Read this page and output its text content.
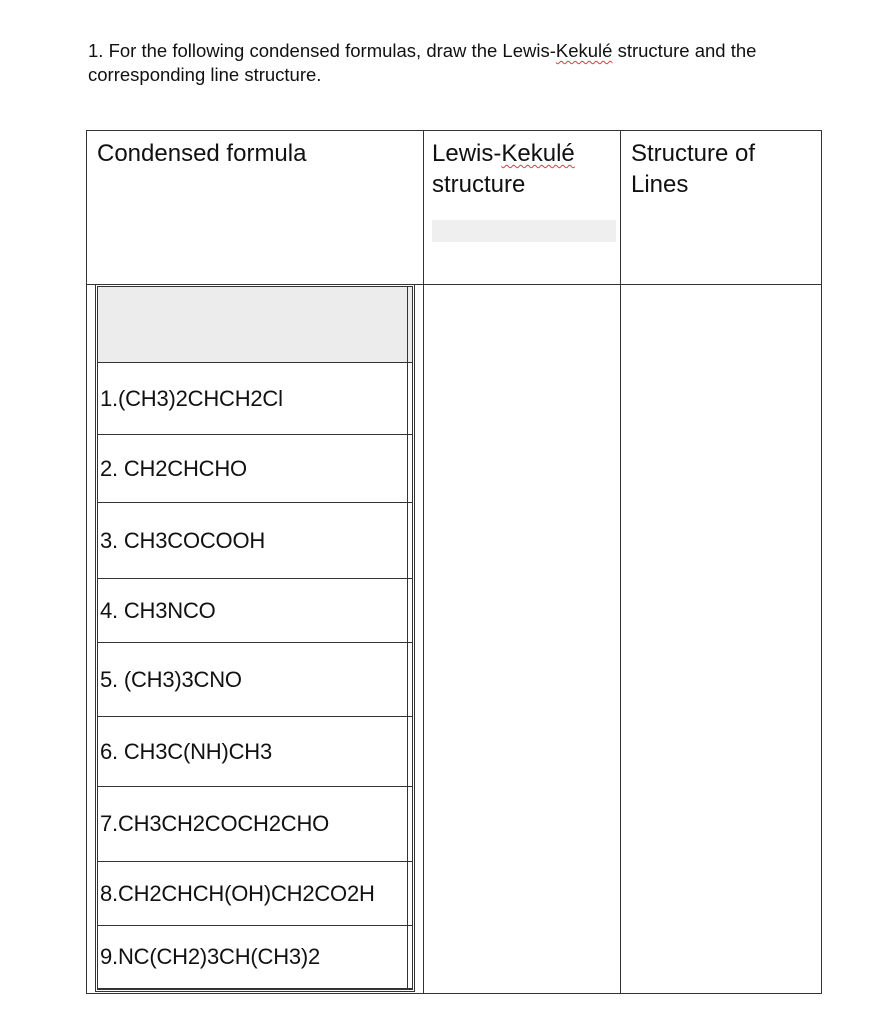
1. For the following condensed formulas, draw the Lewis-Kekulé structure and the corresponding line structure.

Condensed formula	Lewis-Kekulé
structure
Structure of
Lines
1.(CH3)2CHCH2Cl
2. CH2CHCHO
3. CH3COCOOH
4. CH3NCO
5. (CH3)3CNO
6. CH3C(NH)CH3
7.CH3CH2COCH2CHO
8.CH2CHCH(OH)CH2CO2H
9.NC(CH2)3CH(CH3)2
